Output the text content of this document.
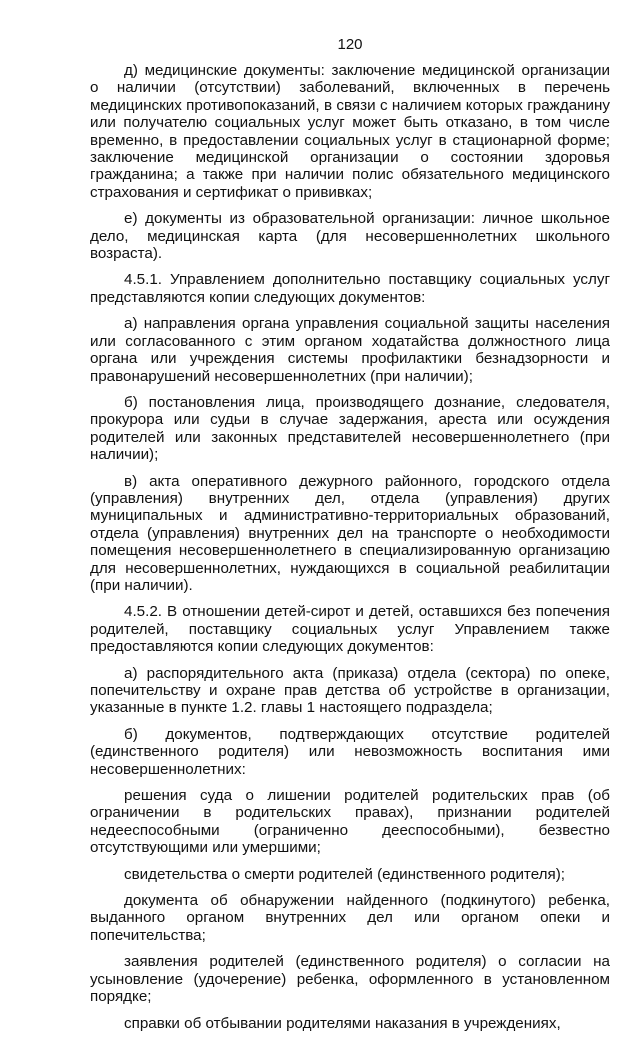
120

д) медицинские документы: заключение медицинской организации о наличии (отсутствии) заболеваний, включенных в перечень медицинских противопоказаний, в связи с наличием которых гражданину или получателю социальных услуг может быть отказано, в том числе временно, в предоставлении социальных услуг в стационарной форме; заключение медицинской организации о состоянии здоровья гражданина; а также при наличии полис обязательного медицинского страхования и сертификат о прививках;

е) документы из образовательной организации: личное школьное дело, медицинская карта (для несовершеннолетних школьного возраста).

4.5.1. Управлением дополнительно поставщику социальных услуг представляются копии следующих документов:

а) направления органа управления социальной защиты населения или согласованного с этим органом ходатайства должностного лица органа или учреждения системы профилактики безнадзорности и правонарушений несовершеннолетних (при наличии);

б) постановления лица, производящего дознание, следователя, прокурора или судьи в случае задержания, ареста или осуждения родителей или законных представителей несовершеннолетнего (при наличии);

в) акта оперативного дежурного районного, городского отдела (управления) внутренних дел, отдела (управления) других муниципальных и административно-территориальных образований, отдела (управления) внутренних дел на транспорте о необходимости помещения несовершеннолетнего в специализированную организацию для несовершеннолетних, нуждающихся в социальной реабилитации (при наличии).

4.5.2. В отношении детей-сирот и детей, оставшихся без попечения родителей, поставщику социальных услуг Управлением также предоставляются копии следующих документов:

а) распорядительного акта (приказа) отдела (сектора) по опеке, попечительству и охране прав детства об устройстве в организации, указанные в пункте 1.2. главы 1 настоящего подраздела;

б) документов, подтверждающих отсутствие родителей (единственного родителя) или невозможность воспитания ими несовершеннолетних:

решения суда о лишении родителей родительских прав (об ограничении в родительских правах), признании родителей недееспособными (ограниченно дееспособными), безвестно отсутствующими или умершими;

свидетельства о смерти родителей (единственного родителя);

документа об обнаружении найденного (подкинутого) ребенка, выданного органом внутренних дел или органом опеки и попечительства;

заявления родителей (единственного родителя) о согласии на усыновление (удочерение) ребенка, оформленного в установленном порядке;

справки об отбывании родителями наказания в учреждениях,
